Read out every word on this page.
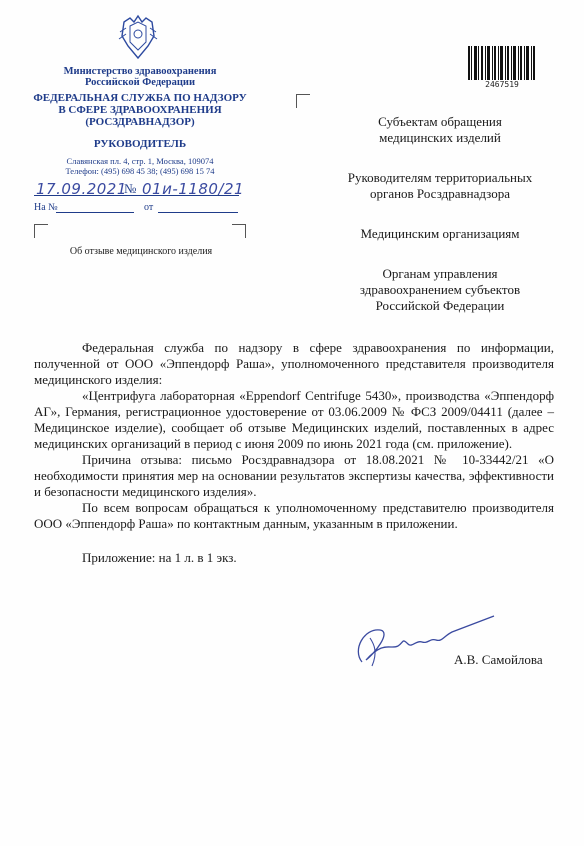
Министерство здравоохранения
Российской Федерации
ФЕДЕРАЛЬНАЯ СЛУЖБА ПО НАДЗОРУ
В СФЕРЕ ЗДРАВООХРАНЕНИЯ
(РОСЗДРАВНАДЗОР)
РУКОВОДИТЕЛЬ
Славянская пл. 4, стр. 1, Москва, 109074
Телефон: (495) 698 45 38; (495) 698 15 74
17.09.2021
№ 01и-1180/21
На №	от
Об отзыве медицинского изделия
2467519
Субъектам обращения
медицинских изделий
Руководителям территориальных
органов Росздравнадзора
Медицинским организациям
Органам управления
здравоохранением субъектов
Российской Федерации

Федеральная служба по надзору в сфере здравоохранения по информации, полученной от ООО «Эппендорф Раша», уполномоченного представителя производителя медицинского изделия:

«Центрифуга лабораторная «Eppendorf Centrifuge 5430», производства «Эппендорф АГ», Германия, регистрационное удостоверение от 03.06.2009 № ФСЗ 2009/04411 (далее – Медицинское изделие), сообщает об отзыве Медицинских изделий, поставленных в адрес медицинских организаций в период с июня 2009 по июнь 2021 года (см. приложение).

Причина отзыва: письмо Росздравнадзора от 18.08.2021 № 10-33442/21 «О необходимости принятия мер на основании результатов экспертизы качества, эффективности и безопасности медицинского изделия».

По всем вопросам обращаться к уполномоченному представителю производителя ООО «Эппендорф Раша» по контактным данным, указанным в приложении.

Приложение: на 1 л. в 1 экз.

А.В. Самойлова
